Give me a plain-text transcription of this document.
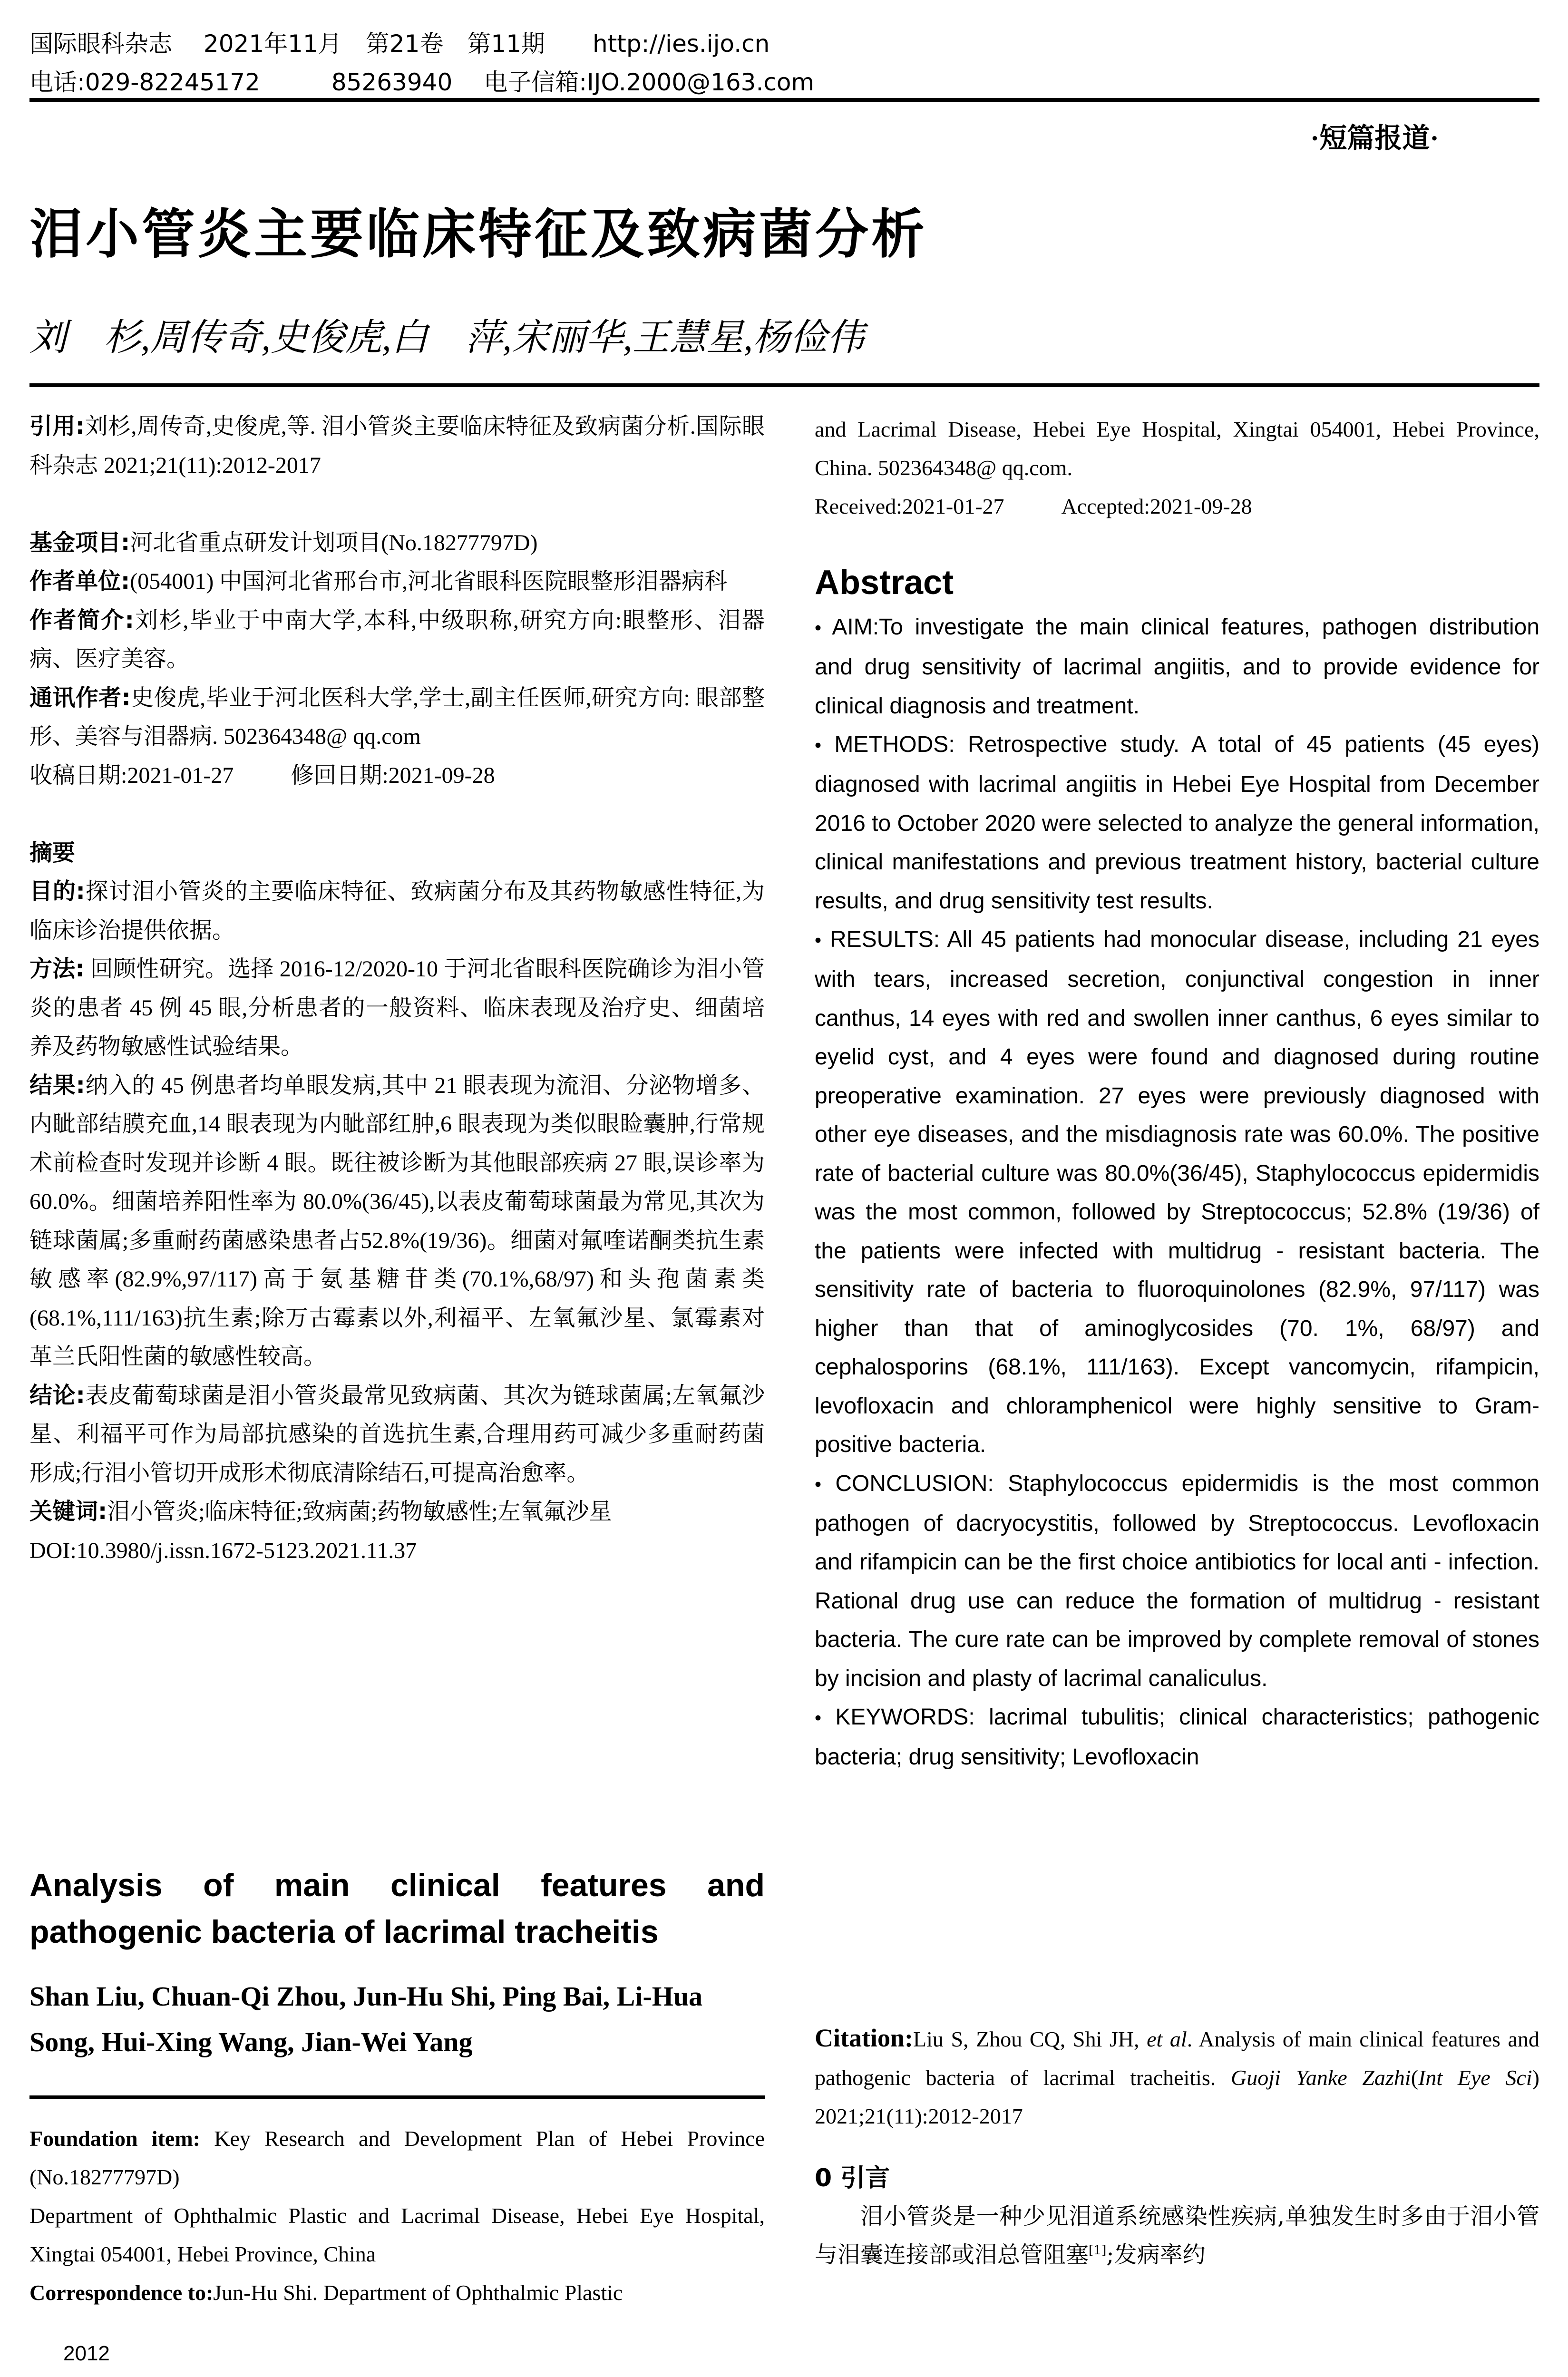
国际眼科杂志　 2021年11月　第21卷　第11期　　http://ies.ijo.cn
电话:029-82245172　　　85263940　 电子信箱:IJO.2000@163.com
·短篇报道·
泪小管炎主要临床特征及致病菌分析
刘　杉,周传奇,史俊虎,白　萍,宋丽华,王慧星,杨俭伟

引用:刘杉,周传奇,史俊虎,等. 泪小管炎主要临床特征及致病菌分析.国际眼科杂志 2021;21(11):2012-2017

基金项目:河北省重点研发计划项目(No.18277797D)

作者单位:(054001) 中国河北省邢台市,河北省眼科医院眼整形泪器病科

作者简介:刘杉,毕业于中南大学,本科,中级职称,研究方向:眼整形、泪器病、医疗美容。

通讯作者:史俊虎,毕业于河北医科大学,学士,副主任医师,研究方向: 眼部整形、美容与泪器病. 502364348@ qq.com

收稿日期:2021-01-27	修回日期:2021-09-28

摘要

目的:探讨泪小管炎的主要临床特征、致病菌分布及其药物敏感性特征,为临床诊治提供依据。

方法: 回顾性研究。选择 2016-12/2020-10 于河北省眼科医院确诊为泪小管炎的患者 45 例 45 眼,分析患者的一般资料、临床表现及治疗史、细菌培养及药物敏感性试验结果。

结果:纳入的 45 例患者均单眼发病,其中 21 眼表现为流泪、分泌物增多、内眦部结膜充血,14 眼表现为内眦部红肿,6 眼表现为类似眼睑囊肿,行常规术前检查时发现并诊断 4 眼。既往被诊断为其他眼部疾病 27 眼,误诊率为60.0%。细菌培养阳性率为 80.0%(36/45),以表皮葡萄球菌最为常见,其次为链球菌属;多重耐药菌感染患者占52.8%(19/36)。细菌对氟喹诺酮类抗生素敏感率(82.9%,97/117)高于氨基糖苷类(70.1%,68/97)和头孢菌素类(68.1%,111/163)抗生素;除万古霉素以外,利福平、左氧氟沙星、氯霉素对革兰氏阳性菌的敏感性较高。

结论:表皮葡萄球菌是泪小管炎最常见致病菌、其次为链球菌属;左氧氟沙星、利福平可作为局部抗感染的首选抗生素,合理用药可减少多重耐药菌形成;行泪小管切开成形术彻底清除结石,可提高治愈率。

关键词:泪小管炎;临床特征;致病菌;药物敏感性;左氧氟沙星

DOI:10.3980/j.issn.1672-5123.2021.11.37

Analysis of main clinical features and pathogenic bacteria of lacrimal tracheitis
Shan Liu, Chuan-Qi Zhou, Jun-Hu Shi, Ping Bai, Li-Hua Song, Hui-Xing Wang, Jian-Wei Yang
Foundation item: Key Research and Development Plan of Hebei Province (No.18277797D)
Department of Ophthalmic Plastic and Lacrimal Disease, Hebei Eye Hospital, Xingtai 054001, Hebei Province, China
Correspondence to:Jun-Hu Shi. Department of Ophthalmic Plastic
2012
and Lacrimal Disease, Hebei Eye Hospital, Xingtai 054001, Hebei Province, China. 502364348@ qq.com.
Received:2021-01-27	Accepted:2021-09-28
Abstract
• AIM:To investigate the main clinical features, pathogen distribution and drug sensitivity of lacrimal angiitis, and to provide evidence for clinical diagnosis and treatment.
• METHODS: Retrospective study. A total of 45 patients (45 eyes) diagnosed with lacrimal angiitis in Hebei Eye Hospital from December 2016 to October 2020 were selected to analyze the general information, clinical manifestations and previous treatment history, bacterial culture results, and drug sensitivity test results.
• RESULTS: All 45 patients had monocular disease, including 21 eyes with tears, increased secretion, conjunctival congestion in inner canthus, 14 eyes with red and swollen inner canthus, 6 eyes similar to eyelid cyst, and 4 eyes were found and diagnosed during routine preoperative examination. 27 eyes were previously diagnosed with other eye diseases, and the misdiagnosis rate was 60.0%. The positive rate of bacterial culture was 80.0%(36/45), Staphylococcus epidermidis was the most common, followed by Streptococcus; 52.8% (19/36) of the patients were infected with multidrug - resistant bacteria. The sensitivity rate of bacteria to fluoroquinolones (82.9%, 97/117) was higher than that of aminoglycosides (70. 1%, 68/97) and cephalosporins (68.1%, 111/163). Except vancomycin, rifampicin, levofloxacin and chloramphenicol were highly sensitive to Gram-positive bacteria.
• CONCLUSION: Staphylococcus epidermidis is the most common pathogen of dacryocystitis, followed by Streptococcus. Levofloxacin and rifampicin can be the first choice antibiotics for local anti - infection. Rational drug use can reduce the formation of multidrug - resistant bacteria. The cure rate can be improved by complete removal of stones by incision and plasty of lacrimal canaliculus.
• KEYWORDS: lacrimal tubulitis; clinical characteristics; pathogenic bacteria; drug sensitivity; Levofloxacin
Citation:Liu S, Zhou CQ, Shi JH, et al. Analysis of main clinical features and pathogenic bacteria of lacrimal tracheitis. Guoji Yanke Zazhi(Int Eye Sci) 2021;21(11):2012-2017
0 引言
泪小管炎是一种少见泪道系统感染性疾病,单独发生时多由于泪小管与泪囊连接部或泪总管阻塞[1];发病率约
